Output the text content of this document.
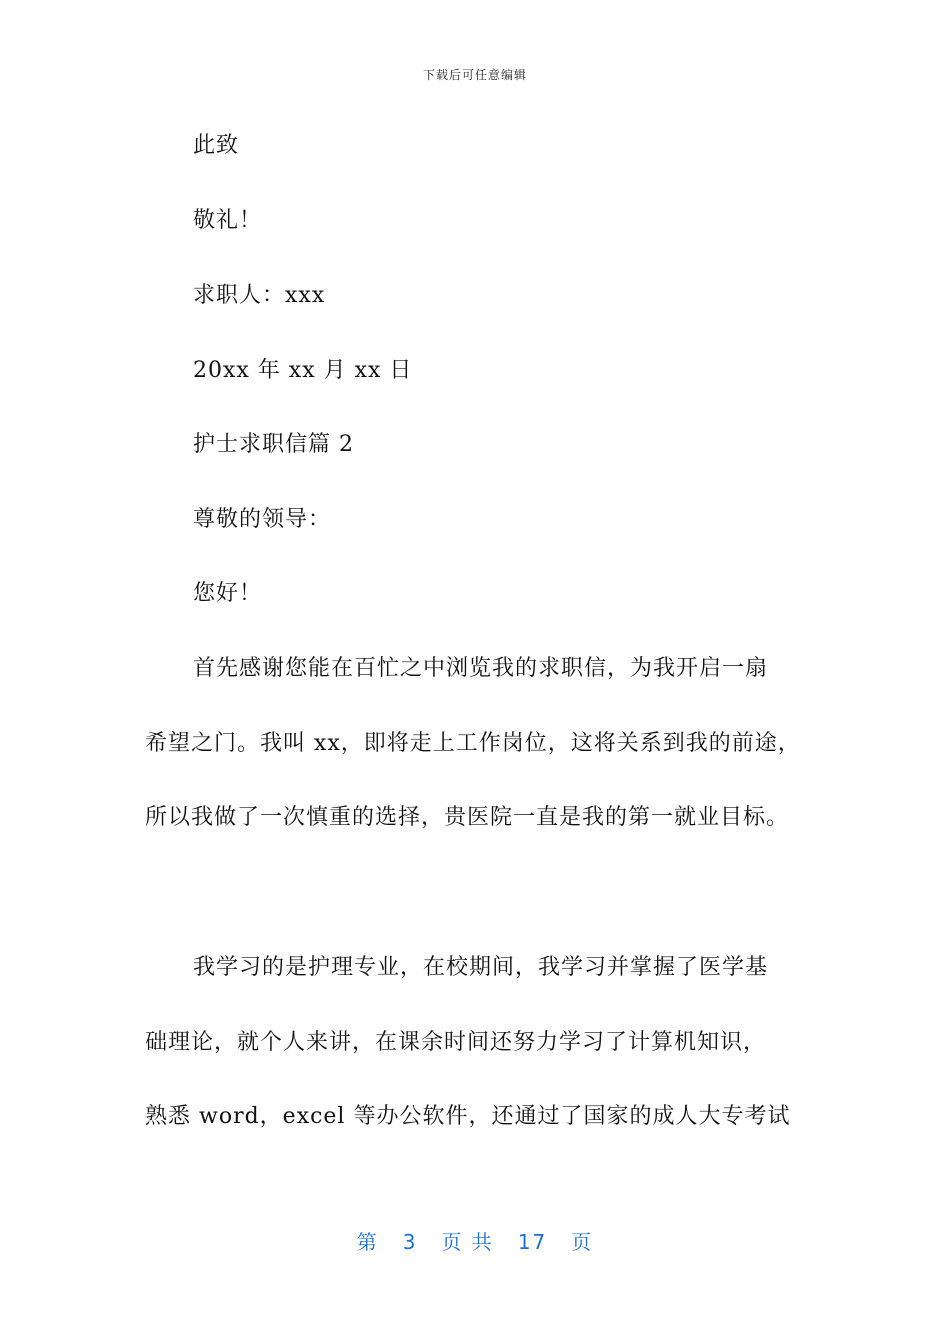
下载后可任意编辑
此致
敬礼！
求职人：xxx
20xx 年 xx 月 xx 日
护士求职信篇 2
尊敬的领导：
您好！
首先感谢您能在百忙之中浏览我的求职信，为我开启一扇
希望之门。我叫 xx，即将走上工作岗位，这将关系到我的前途，
所以我做了一次慎重的选择，贵医院一直是我的第一就业目标。
我学习的是护理专业，在校期间，我学习并掌握了医学基
础理论，就个人来讲，在课余时间还努力学习了计算机知识，
熟悉 word，excel 等办公软件，还通过了国家的成人大专考试
第 3 页 共 17 页
